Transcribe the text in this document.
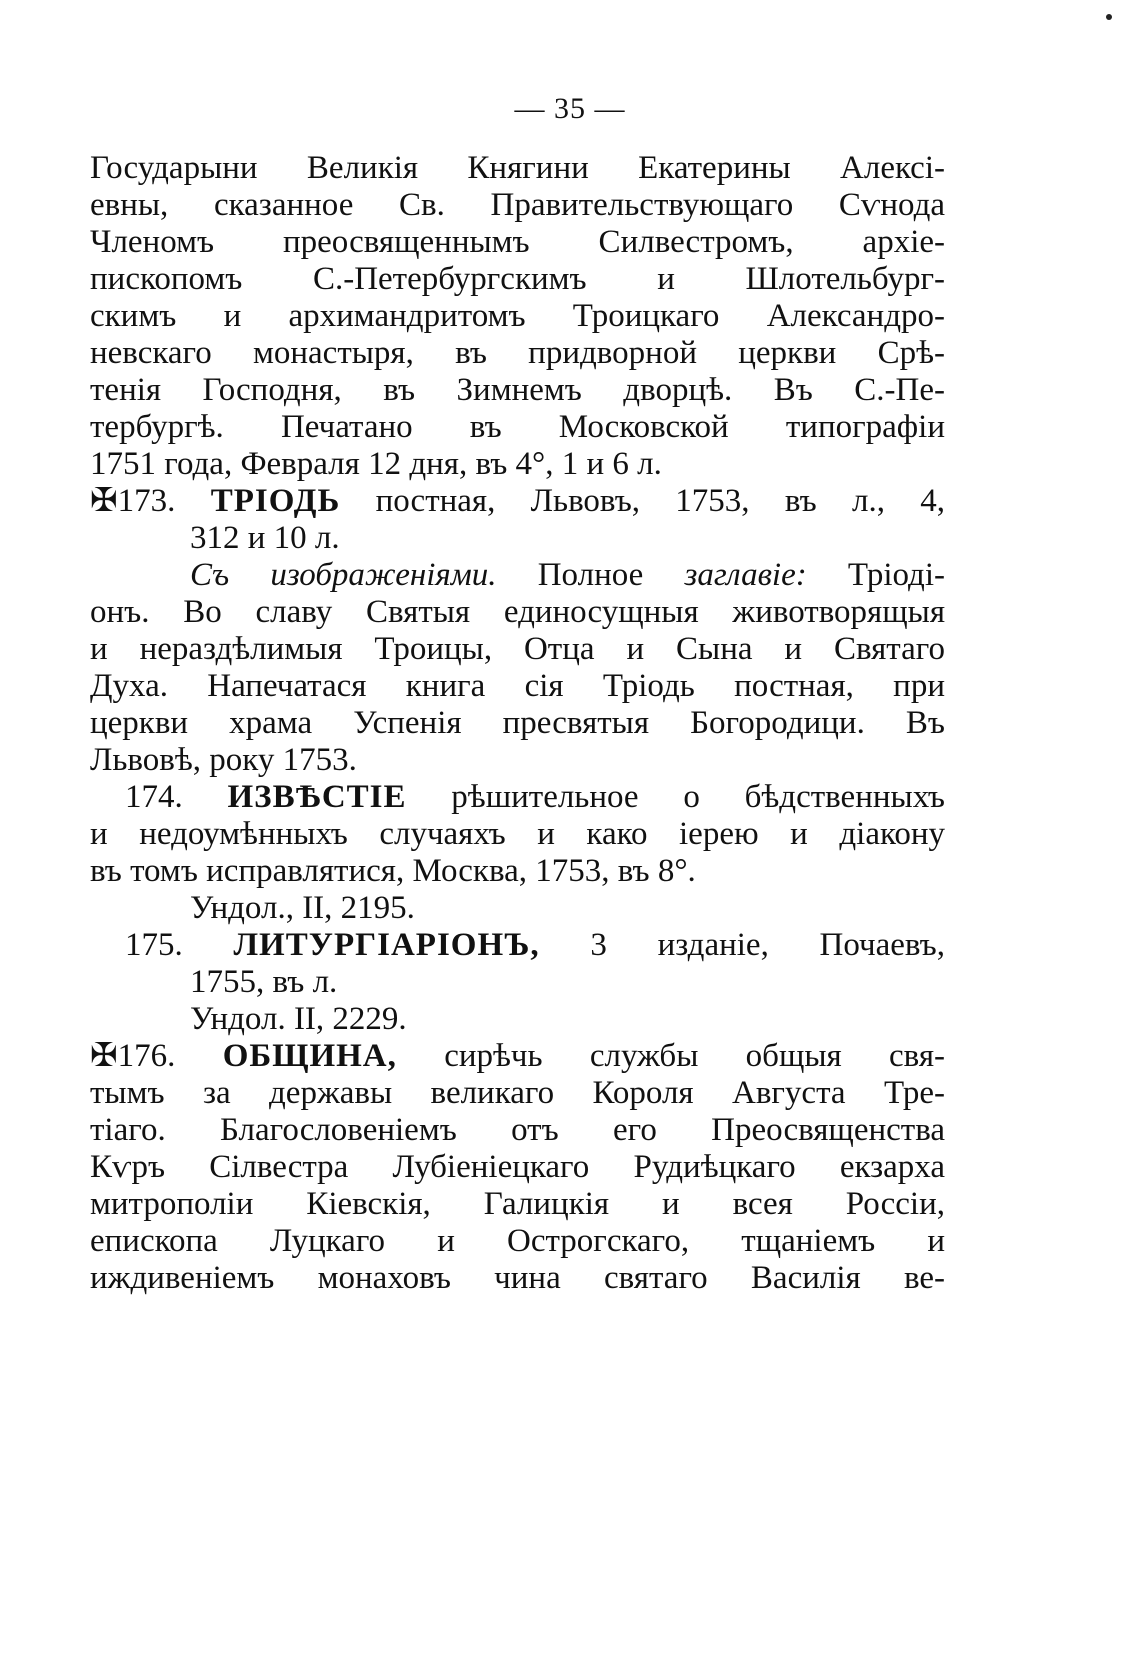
— 35 —
Государыни Великія Княгини Екатерины Алексі-
евны, сказанное Св. Правительствующаго Сѵнода
Членомъ преосвященнымъ Силвестромъ, архіе-
пископомъ С.-Петербургскимъ и Шлотельбург-
скимъ и архимандритомъ Троицкаго Александро-
невскаго монастыря, въ придворной церкви Срѣ-
тенія Господня, въ Зимнемъ дворцѣ. Въ С.-Пе-
тербургѣ. Печатано въ Московской типографіи
1751 года, Февраля 12 дня, въ 4°, 1 и 6 л.
✠173. ТРІОДЬ постная, Львовъ, 1753, въ л., 4,
312 и 10 л.
Съ изображеніями. Полное заглавіе: Тріоді-
онъ. Во славу Святыя единосущныя животворящыя
и нераздѣлимыя Троицы, Отца и Сына и Святаго
Духа. Напечатася книга сія Тріодь постная, при
церкви храма Успенія пресвятыя Богородици. Въ
Львовѣ, року 1753.
174. ИЗВѢСТІЕ рѣшительное о бѣдственныхъ
и недоумѣнныхъ случаяхъ и како іерею и діакону
въ томъ исправлятися, Москва, 1753, въ 8°.
Ундол., II, 2195.
175. ЛИТУРГІАРІОНЪ, 3 изданіе, Почаевъ,
1755, въ л.
Ундол. II, 2229.
✠176. ОБЩИНА, сирѣчь службы общыя свя-
тымъ за державы великаго Короля Августа Тре-
тіаго. Благословеніемъ отъ его Преосвященства
Кѵръ Сілвестра Лубіеніецкаго Рудиѣцкаго екзарха
митрополіи Кіевскія, Галицкія и всея Россіи,
епископа Луцкаго и Острогскаго, тщаніемъ и
иждивеніемъ монаховъ чина святаго Василія ве-
